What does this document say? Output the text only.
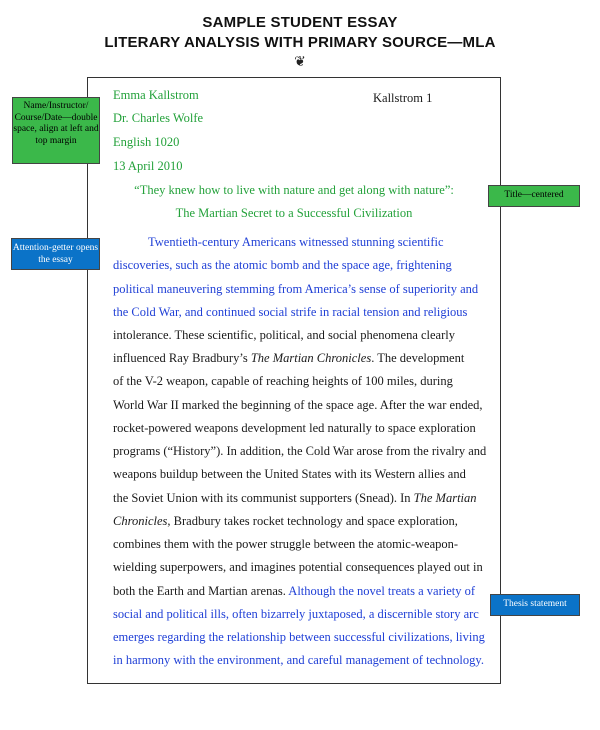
SAMPLE STUDENT ESSAY
LITERARY ANALYSIS WITH PRIMARY SOURCE—MLA
❦
Emma Kallstrom
Dr. Charles Wolfe
English 1020
13 April 2010
Kallstrom 1
“They knew how to live with nature and get along with nature”:
The Martian Secret to a Successful Civilization
Twentieth-century Americans witnessed stunning scientific
discoveries, such as the atomic bomb and the space age, frightening
political maneuvering stemming from America’s sense of superiority and
the Cold War, and continued social strife in racial tension and religious
intolerance. These scientific, political, and social phenomena clearly
influenced Ray Bradbury’s The Martian Chronicles. The development
of the V-2 weapon, capable of reaching heights of 100 miles, during
World War II marked the beginning of the space age. After the war ended,
rocket-powered weapons development led naturally to space exploration
programs (“History”). In addition, the Cold War arose from the rivalry and
weapons buildup between the United States with its Western allies and
the Soviet Union with its communist supporters (Snead). In The Martian
Chronicles, Bradbury takes rocket technology and space exploration,
combines them with the power struggle between the atomic-weapon-
wielding superpowers, and imagines potential consequences played out in
both the Earth and Martian arenas. Although the novel treats a variety of
social and political ills, often bizarrely juxtaposed, a discernible story arc
emerges regarding the relationship between successful civilizations, living
in harmony with the environment, and careful management of technology.
Name/Instructor/ Course/Date—double space, align at left and top margin
Title—centered
Attention-getter opens the essay
Thesis statement
